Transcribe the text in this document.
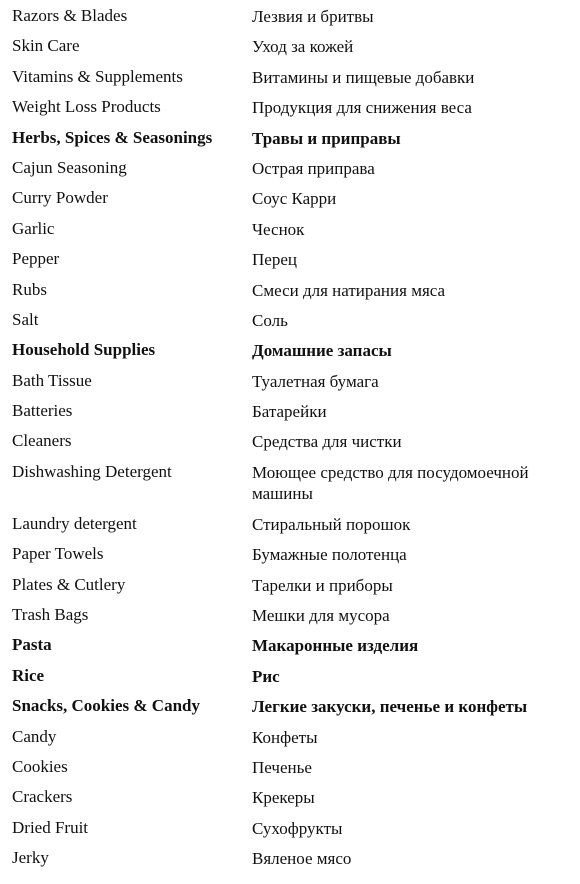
Razors & Blades	Лезвия и бритвы
Skin Care	Уход за кожей
Vitamins & Supplements	Витамины и пищевые добавки
Weight Loss Products	Продукция для снижения веса
Herbs, Spices & Seasonings	Травы и приправы
Cajun Seasoning	Острая приправа
Curry Powder	Соус Карри
Garlic	Чеснок
Pepper	Перец
Rubs	Смеси для натирания мяса
Salt	Соль
Household Supplies	Домашние запасы
Bath Tissue	Туалетная бумага
Batteries	Батарейки
Cleaners	Средства для чистки
Dishwashing Detergent	Моющее средство для посудомоечной машины
Laundry detergent	Стиральный порошок
Paper Towels	Бумажные полотенца
Plates & Cutlery	Тарелки и приборы
Trash Bags	Мешки для мусора
Pasta	Макаронные изделия
Rice	Рис
Snacks, Cookies & Candy	Легкие закуски, печенье и конфеты
Candy	Конфеты
Cookies	Печенье
Crackers	Крекеры
Dried Fruit	Сухофрукты
Jerky	Вяленое мясо
